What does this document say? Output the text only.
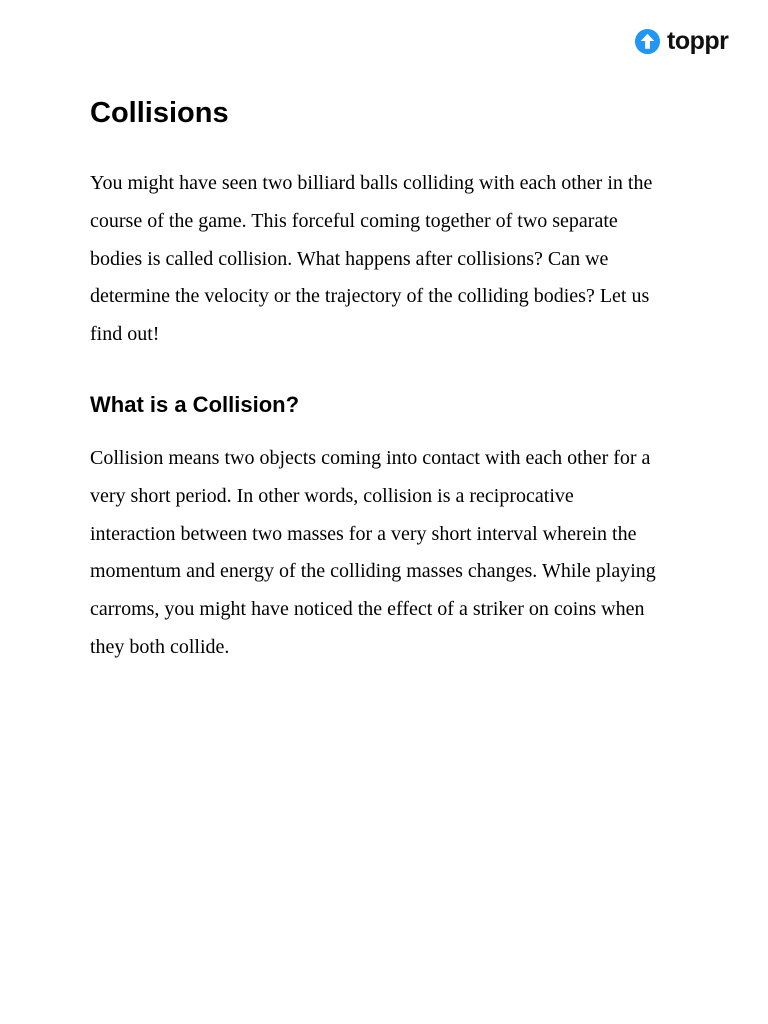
toppr
Collisions

You might have seen two billiard balls colliding with each other in the
course of the game. This forceful coming together of two separate
bodies is called collision. What happens after collisions? Can we
determine the velocity or the trajectory of the colliding bodies? Let us
find out!

What is a Collision?

Collision means two objects coming into contact with each other for a
very short period. In other words, collision is a reciprocative
interaction between two masses for a very short interval wherein the
momentum and energy of the colliding masses changes. While playing
carroms, you might have noticed the effect of a striker on coins when
they both collide.
